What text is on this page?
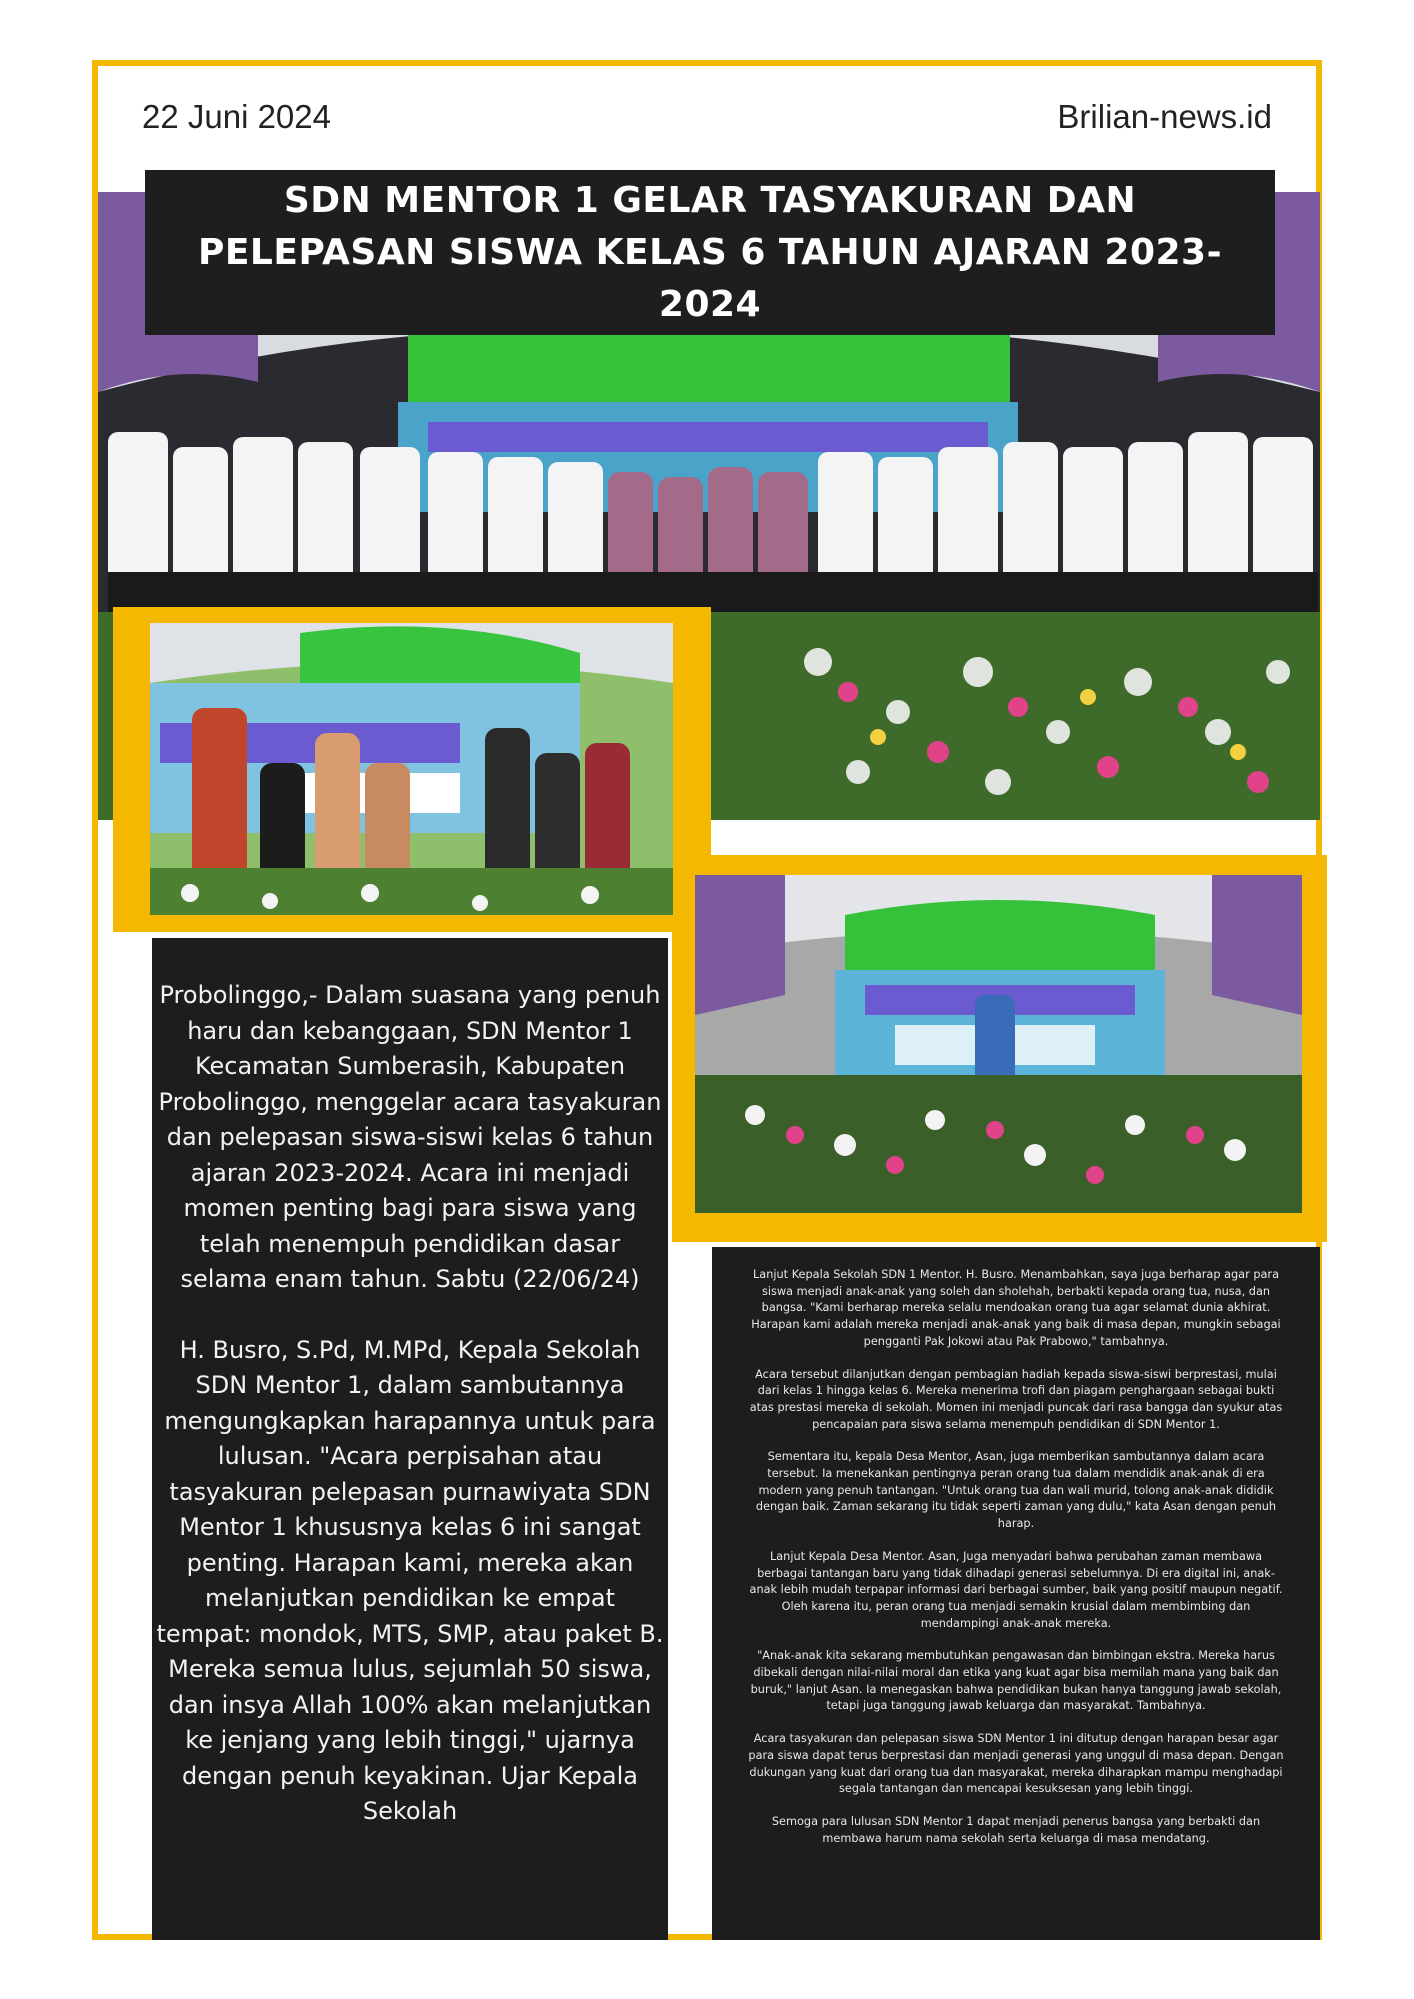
22 Juni 2024	Brilian-news.id
SDN MENTOR 1 GELAR TASYAKURAN DAN PELEPASAN SISWA KELAS 6 TAHUN AJARAN 2023-2024

Probolinggo,- Dalam suasana yang penuh haru dan kebanggaan, SDN Mentor 1 Kecamatan Sumberasih, Kabupaten Probolinggo, menggelar acara tasyakuran dan pelepasan siswa-siswi kelas 6 tahun ajaran 2023-2024. Acara ini menjadi momen penting bagi para siswa yang telah menempuh pendidikan dasar selama enam tahun. Sabtu (22/06/24)

H. Busro, S.Pd, M.MPd, Kepala Sekolah SDN Mentor 1, dalam sambutannya mengungkapkan harapannya untuk para lulusan. "Acara perpisahan atau tasyakuran pelepasan purnawiyata SDN Mentor 1 khususnya kelas 6 ini sangat penting. Harapan kami, mereka akan melanjutkan pendidikan ke empat tempat: mondok, MTS, SMP, atau paket B. Mereka semua lulus, sejumlah 50 siswa, dan insya Allah 100% akan melanjutkan ke jenjang yang lebih tinggi," ujarnya dengan penuh keyakinan. Ujar Kepala Sekolah

Lanjut Kepala Sekolah SDN 1 Mentor. H. Busro. Menambahkan, saya juga berharap agar para siswa menjadi anak-anak yang soleh dan sholehah, berbakti kepada orang tua, nusa, dan bangsa. "Kami berharap mereka selalu mendoakan orang tua agar selamat dunia akhirat. Harapan kami adalah mereka menjadi anak-anak yang baik di masa depan, mungkin sebagai pengganti Pak Jokowi atau Pak Prabowo," tambahnya.

Acara tersebut dilanjutkan dengan pembagian hadiah kepada siswa-siswi berprestasi, mulai dari kelas 1 hingga kelas 6. Mereka menerima trofi dan piagam penghargaan sebagai bukti atas prestasi mereka di sekolah. Momen ini menjadi puncak dari rasa bangga dan syukur atas pencapaian para siswa selama menempuh pendidikan di SDN Mentor 1.

Sementara itu, kepala Desa Mentor, Asan, juga memberikan sambutannya dalam acara tersebut. Ia menekankan pentingnya peran orang tua dalam mendidik anak-anak di era modern yang penuh tantangan. "Untuk orang tua dan wali murid, tolong anak-anak dididik dengan baik. Zaman sekarang itu tidak seperti zaman yang dulu," kata Asan dengan penuh harap.

Lanjut Kepala Desa Mentor. Asan, Juga menyadari bahwa perubahan zaman membawa berbagai tantangan baru yang tidak dihadapi generasi sebelumnya. Di era digital ini, anak-anak lebih mudah terpapar informasi dari berbagai sumber, baik yang positif maupun negatif. Oleh karena itu, peran orang tua menjadi semakin krusial dalam membimbing dan mendampingi anak-anak mereka.

"Anak-anak kita sekarang membutuhkan pengawasan dan bimbingan ekstra. Mereka harus dibekali dengan nilai-nilai moral dan etika yang kuat agar bisa memilah mana yang baik dan buruk," lanjut Asan. Ia menegaskan bahwa pendidikan bukan hanya tanggung jawab sekolah, tetapi juga tanggung jawab keluarga dan masyarakat. Tambahnya.

Acara tasyakuran dan pelepasan siswa SDN Mentor 1 ini ditutup dengan harapan besar agar para siswa dapat terus berprestasi dan menjadi generasi yang unggul di masa depan. Dengan dukungan yang kuat dari orang tua dan masyarakat, mereka diharapkan mampu menghadapi segala tantangan dan mencapai kesuksesan yang lebih tinggi.

Semoga para lulusan SDN Mentor 1 dapat menjadi penerus bangsa yang berbakti dan membawa harum nama sekolah serta keluarga di masa mendatang.
